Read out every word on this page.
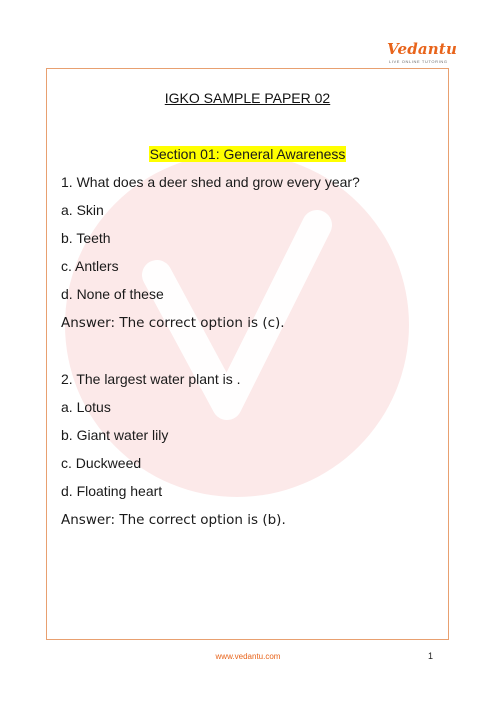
Vedantu
LIVE ONLINE TUTORING
IGKO SAMPLE PAPER 02
Section 01: General Awareness
1. What does a deer shed and grow every year?
a. Skin
b. Teeth
c. Antlers
d. None of these
Answer: The correct option is (c).
2. The largest water plant is .
a. Lotus
b. Giant water lily
c. Duckweed
d. Floating heart
Answer: The correct option is (b).
www.vedantu.com	1
